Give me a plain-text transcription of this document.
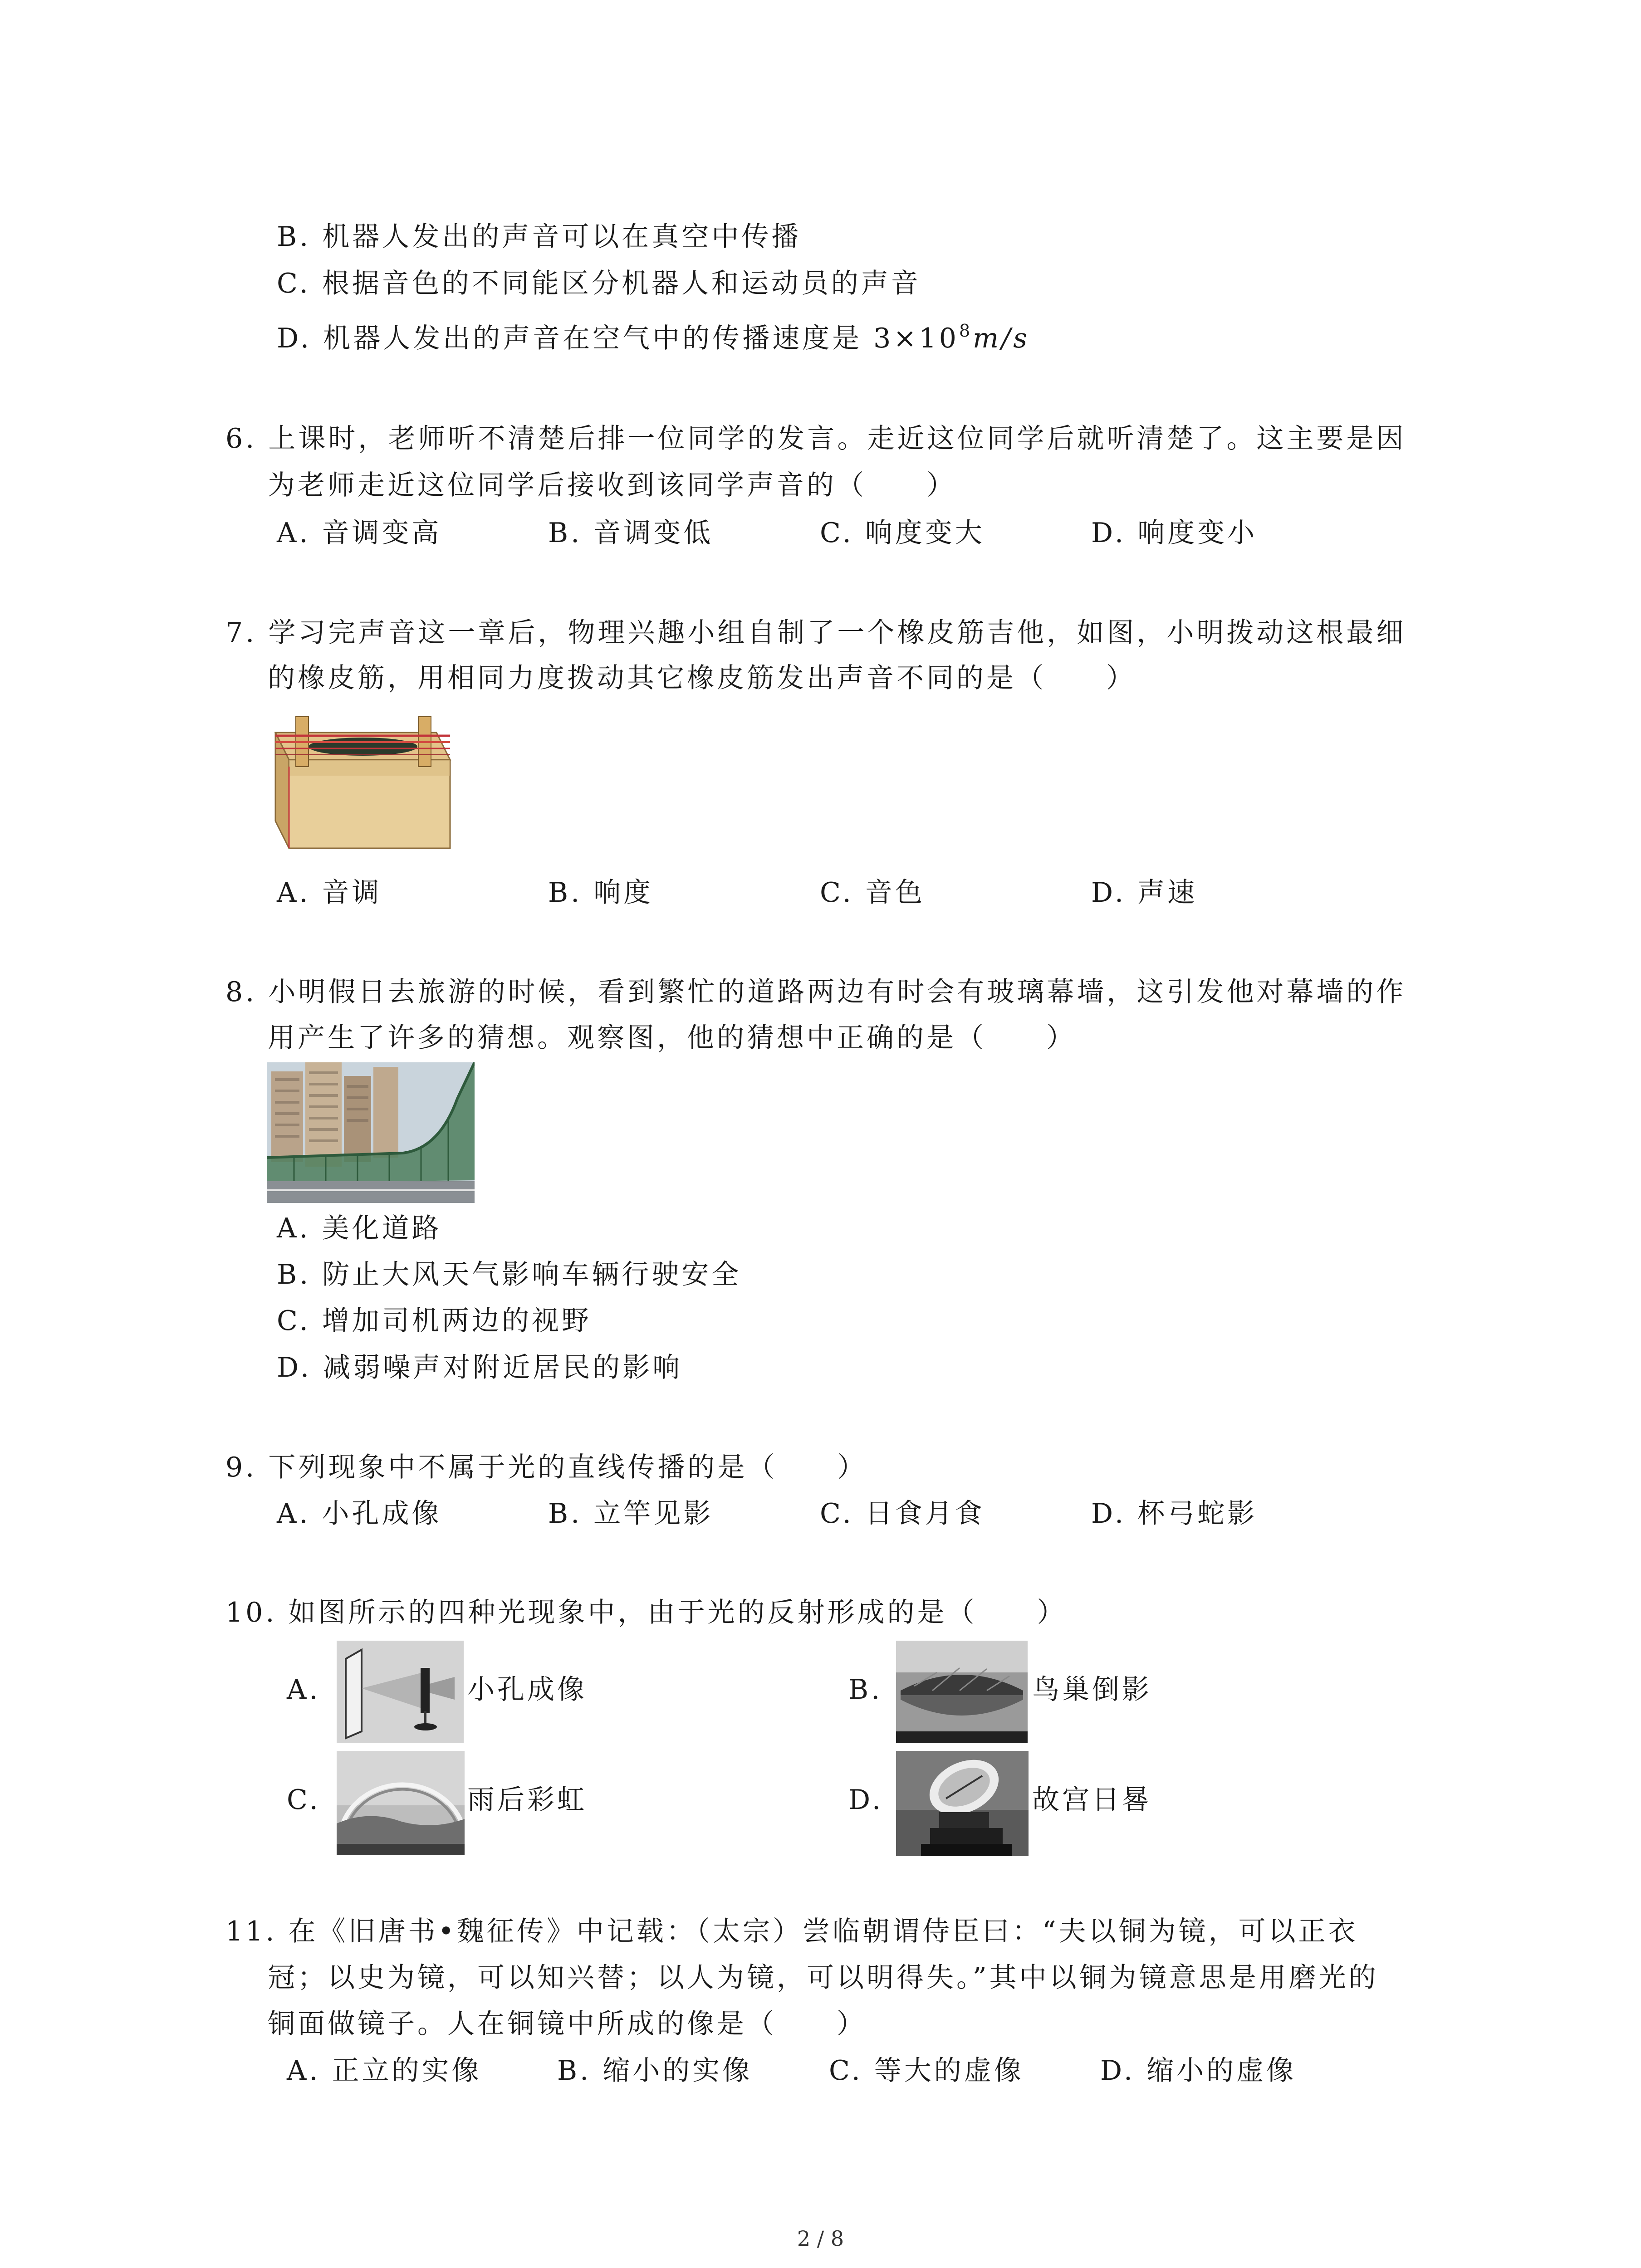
B. 机器人发出的声音可以在真空中传播
C. 根据音色的不同能区分机器人和运动员的声音
D. 机器人发出的声音在空气中的传播速度是 $3\times 10^8m/s$
6. 上课时，老师听不清楚后排一位同学的发言。走近这位同学后就听清楚了。这主要是因
为老师走近这位同学后接收到该同学声音的（　　）
A. 音调变高	B. 音调变低	C. 响度变大	D. 响度变小
7. 学习完声音这一章后，物理兴趣小组自制了一个橡皮筋吉他，如图，小明拨动这根最细
的橡皮筋，用相同力度拨动其它橡皮筋发出声音不同的是（　　）
A. 音调	B. 响度	C. 音色	D. 声速
8. 小明假日去旅游的时候，看到繁忙的道路两边有时会有玻璃幕墙，这引发他对幕墙的作
用产生了许多的猜想。观察图，他的猜想中正确的是（　　）
A. 美化道路
B. 防止大风天气影响车辆行驶安全
C. 增加司机两边的视野
D. 减弱噪声对附近居民的影响
9. 下列现象中不属于光的直线传播的是（　　）
A. 小孔成像	B. 立竿见影	C. 日食月食	D. 杯弓蛇影
10. 如图所示的四种光现象中，由于光的反射形成的是（　　）
A.	小孔成像	B.	鸟巢倒影
C.	雨后彩虹	D.	故宫日晷
11. 在《旧唐书•魏征传》中记载：（太宗）尝临朝谓侍臣曰：“夫以铜为镜，可以正衣
冠；以史为镜，可以知兴替；以人为镜，可以明得失。”其中以铜为镜意思是用磨光的
铜面做镜子。人在铜镜中所成的像是（　　）
A. 正立的实像	B. 缩小的实像	C. 等大的虚像	D. 缩小的虚像
2 / 8
